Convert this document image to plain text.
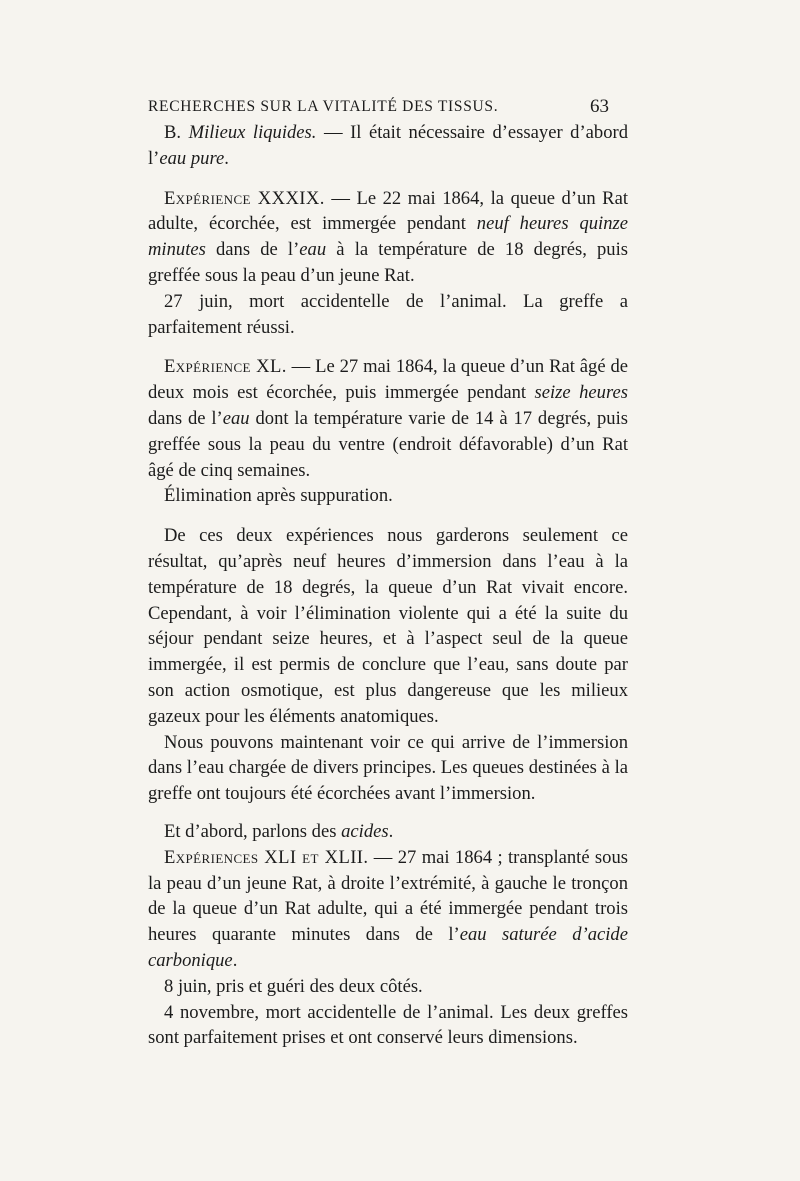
RECHERCHES SUR LA VITALITÉ DES TISSUS.	63

B. Milieux liquides. — Il était nécessaire d’essayer d’abord l’eau pure.

Expérience XXXIX. — Le 22 mai 1864, la queue d’un Rat adulte, écorchée, est immergée pendant neuf heures quinze minutes dans de l’eau à la température de 18 degrés, puis greffée sous la peau d’un jeune Rat.

27 juin, mort accidentelle de l’animal. La greffe a parfaitement réussi.

Expérience XL. — Le 27 mai 1864, la queue d’un Rat âgé de deux mois est écorchée, puis immergée pendant seize heures dans de l’eau dont la température varie de 14 à 17 degrés, puis greffée sous la peau du ventre (endroit défavorable) d’un Rat âgé de cinq semaines.

Élimination après suppuration.

De ces deux expériences nous garderons seulement ce résultat, qu’après neuf heures d’immersion dans l’eau à la température de 18 degrés, la queue d’un Rat vivait encore. Cependant, à voir l’élimination violente qui a été la suite du séjour pendant seize heures, et à l’aspect seul de la queue immergée, il est permis de conclure que l’eau, sans doute par son action osmotique, est plus dangereuse que les milieux gazeux pour les éléments anatomiques.

Nous pouvons maintenant voir ce qui arrive de l’immersion dans l’eau chargée de divers principes. Les queues destinées à la greffe ont toujours été écorchées avant l’immersion.

Et d’abord, parlons des acides.

Expériences XLI et XLII. — 27 mai 1864 ; transplanté sous la peau d’un jeune Rat, à droite l’extrémité, à gauche le tronçon de la queue d’un Rat adulte, qui a été immergée pendant trois heures quarante minutes dans de l’eau saturée d’acide carbonique.

8 juin, pris et guéri des deux côtés.

4 novembre, mort accidentelle de l’animal. Les deux greffes sont parfaitement prises et ont conservé leurs dimensions.
